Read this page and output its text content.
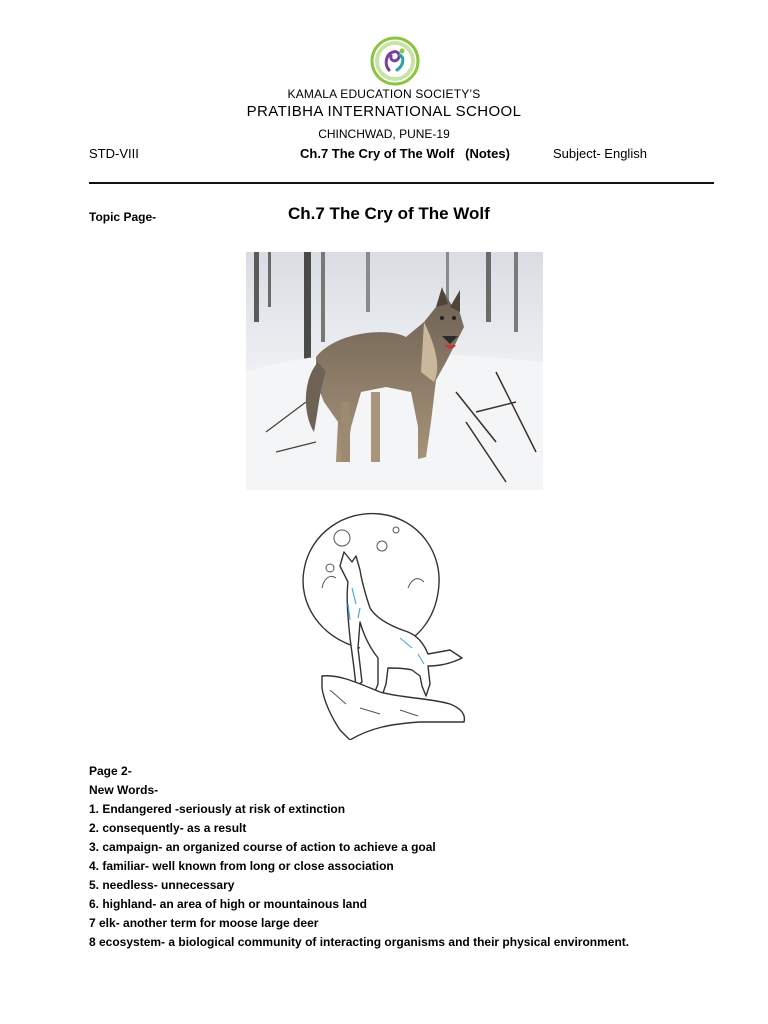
KAMALA EDUCATION SOCIETY’S
PRATIBHA INTERNATIONAL SCHOOL
CHINCHWAD, PUNE-19
STD-VIII	Ch.7 The Cry of The Wolf   (Notes)	Subject- English
Topic Page-	Ch.7 The Cry of The Wolf
Page 2-
New Words-
1. Endangered -seriously at risk of extinction
2. consequently- as a result
3. campaign- an organized course of action to achieve a goal
4. familiar- well known from long or close association
5. needless- unnecessary
6. highland- an area of high or mountainous land
7 elk- another term for moose large deer
8 ecosystem- a biological community of interacting organisms and their physical environment.
